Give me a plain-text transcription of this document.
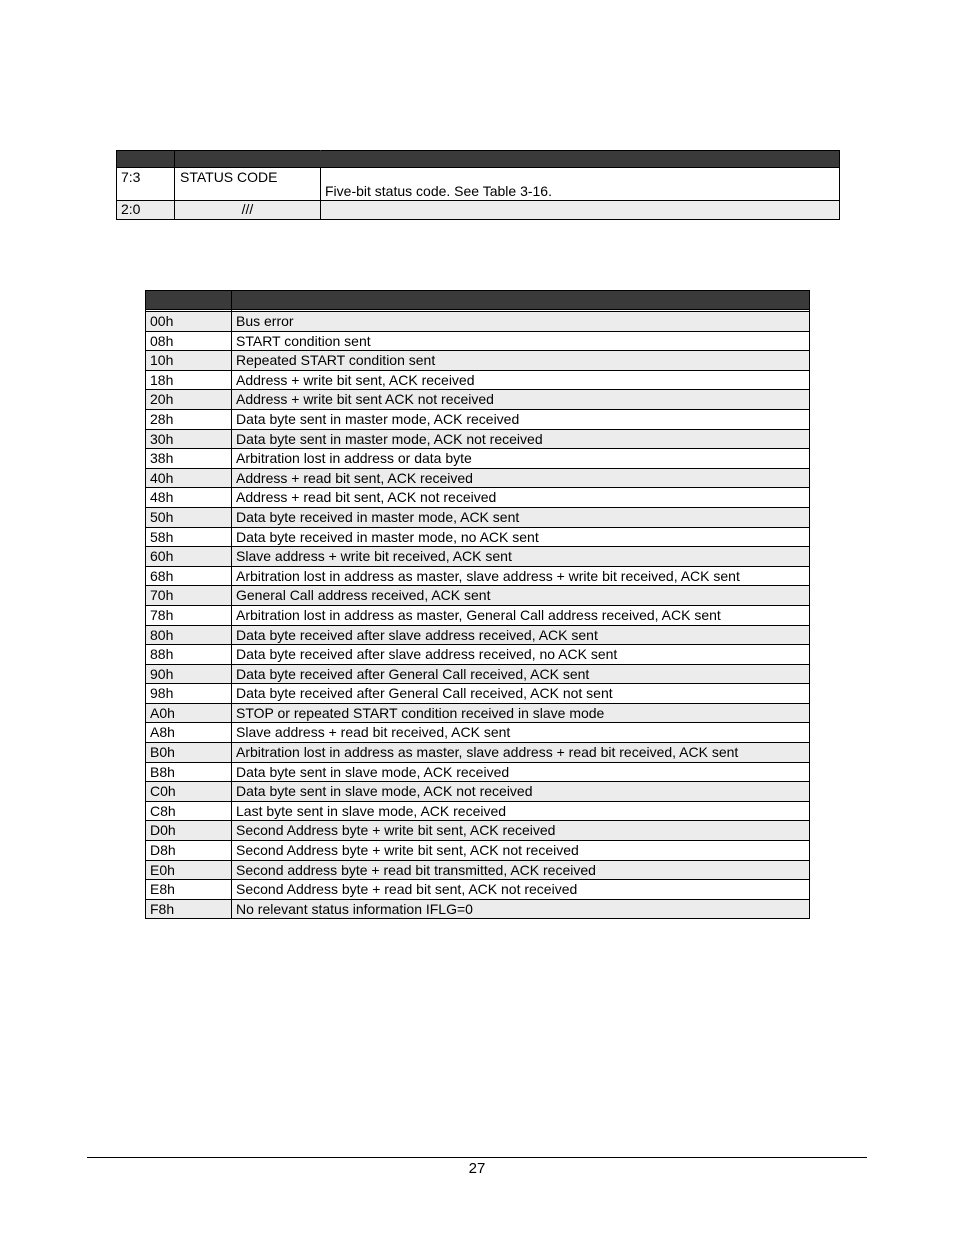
7:3	STATUS CODE	Five-bit status code. See Table 3-16.
2:0	///	

00h	Bus error
08h	START condition sent
10h	Repeated START condition sent
18h	Address + write bit sent, ACK received
20h	Address + write bit sent ACK not received
28h	Data byte sent in master mode, ACK received
30h	Data byte sent in master mode, ACK not received
38h	Arbitration lost in address or data byte
40h	Address + read bit sent, ACK received
48h	Address + read bit sent, ACK not received
50h	Data byte received in master mode, ACK sent
58h	Data byte received in master mode, no ACK sent
60h	Slave address + write bit received, ACK sent
68h	Arbitration lost in address as master, slave address + write bit received, ACK sent
70h	General Call address received, ACK sent
78h	Arbitration lost in address as master, General Call address received, ACK sent
80h	Data byte received after slave address received, ACK sent
88h	Data byte received after slave address received, no ACK sent
90h	Data byte received after General Call received, ACK sent
98h	Data byte received after General Call received, ACK not sent
A0h	STOP or repeated START condition received in slave mode
A8h	Slave address + read bit received, ACK sent
B0h	Arbitration lost in address as master, slave address + read bit received, ACK sent
B8h	Data byte sent in slave mode, ACK received
C0h	Data byte sent in slave mode, ACK not received
C8h	Last byte sent in slave mode, ACK received
D0h	Second Address byte + write bit sent, ACK received
D8h	Second Address byte + write bit sent, ACK not received
E0h	Second address byte + read bit transmitted, ACK received
E8h	Second Address byte + read bit sent, ACK not received
F8h	No relevant status information IFLG=0
27
